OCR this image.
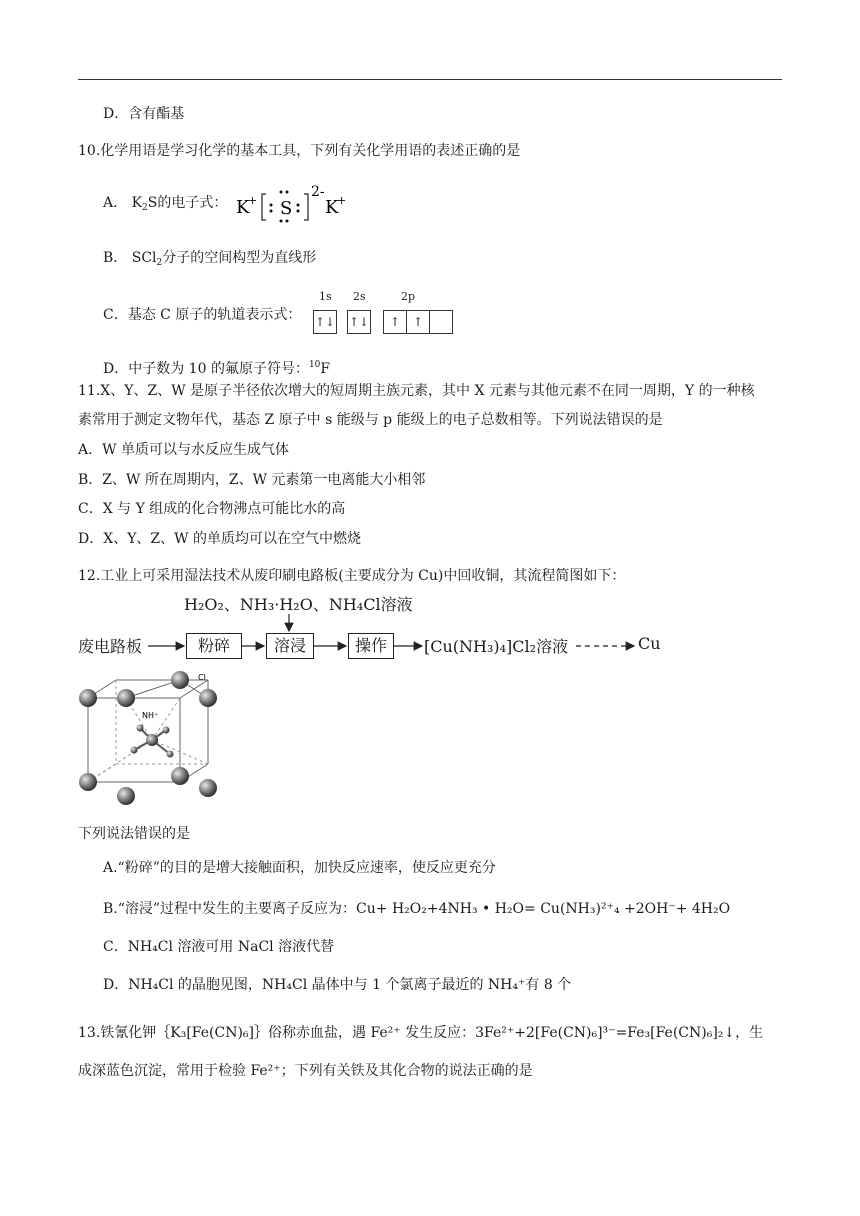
D．含有酯基
10.化学用语是学习化学的基本工具，下列有关化学用语的表述正确的是
A． $K_2S$的电子式： K
+ S
2-
K
+
B． SCl$_2$分子的空间构型为直线形
C．基态 C 原子的轨道表示式：
1s 2s	2p
↑↓ ↑↓	↑	↑
D．中子数为 10 的氟原子符号：$^{10}$F
11.X、Y、Z、W 是原子半径依次增大的短周期主族元素，其中 X 元素与其他元素不在同一周期，Y 的一种核
素常用于测定文物年代，基态 Z 原子中 s 能级与 p 能级上的电子总数相等。下列说法错误的是
A．W 单质可以与水反应生成气体
B．Z、W 所在周期内，Z、W 元素第一电离能大小相邻
C．X 与 Y 组成的化合物沸点可能比水的高
D．X、Y、Z、W 的单质均可以在空气中燃烧
12.工业上可采用湿法技术从废印刷电路板(主要成分为 Cu)中回收铜，其流程简图如下：
H₂O₂、NH₃·H₂O、NH₄Cl溶液
废电路板	粉碎	溶浸	操作	[Cu(NH₃)₄]Cl₂溶液	Cu
Cl
NH⁺
下列说法错误的是
A.“粉碎”的目的是增大接触面积，加快反应速率，使反应更充分
B.“溶浸”过程中发生的主要离子反应为：Cu+ H₂O₂+4NH₃ • H₂O= Cu(NH₃)²⁺₄ +2OH⁻+ 4H₂O
C．NH₄Cl 溶液可用 NaCl 溶液代替
D．NH₄Cl 的晶胞见图，NH₄Cl 晶体中与 1 个氯离子最近的 NH₄⁺有 8 个
13.铁氰化钾｛K₃[Fe(CN)₆]｝俗称赤血盐，遇 Fe²⁺ 发生反应：3Fe²⁺+2[Fe(CN)₆]³⁻=Fe₃[Fe(CN)₆]₂↓，生
成深蓝色沉淀，常用于检验 Fe²⁺；下列有关铁及其化合物的说法正确的是
